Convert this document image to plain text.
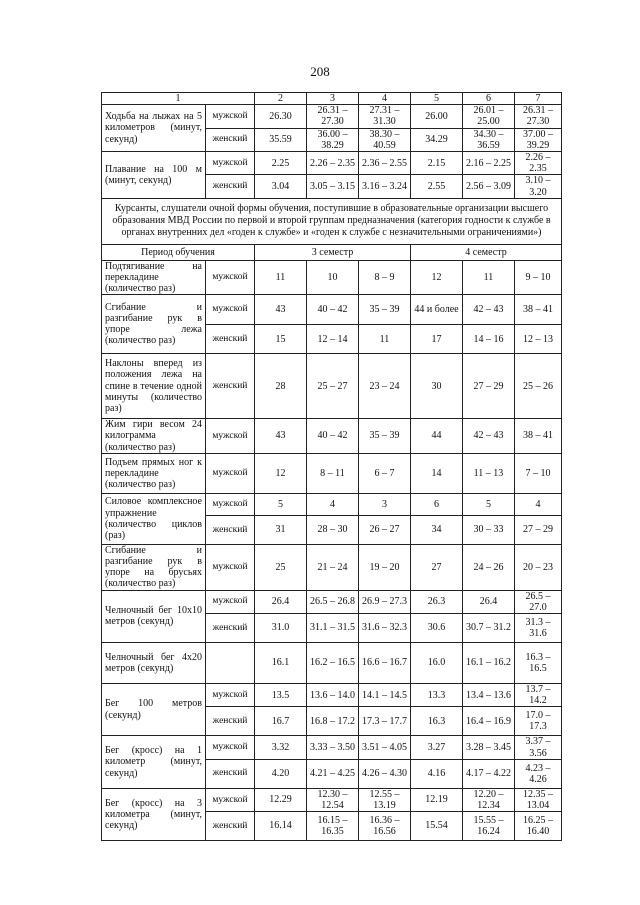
208
1		2	3	4	5	6	7
Ходьба на лыжах на 5 километров (минут, секунд)	мужской	26.30	26.31 – 27.30	27.31 – 31.30	26.00	26.01 – 25.00	26.31 – 27.30
	женский	35.59	36.00 – 38.29	38.30 – 40.59	34.29	34.30 – 36.59	37.00 – 39.29
Плавание на 100 м (минут, секунд)	мужской	2.25	2.26 – 2.35	2.36 – 2.55	2.15	2.16 – 2.25	2.26 – 2.35
	женский	3.04	3.05 – 3.15	3.16 – 3.24	2.55	2.56 – 3.09	3.10 – 3.20
Курсанты, слушатели очной формы обучения, поступившие в образовательные организации высшего образования МВД России по первой и второй группам предназначения (категория годности к службе в органах внутренних дел «годен к службе» и «годен к службе с незначительными ограничениями»)							
Период обучения		3 семестр			4 семестр		
Подтягивание на перекладине (количество раз)	мужской	11	10	8 – 9	12	11	9 – 10
Сгибание и разгибание рук в упоре лежа (количество раз)	мужской	43	40 – 42	35 – 39	44 и более	42 – 43	38 – 41
	женский	15	12 – 14	11	17	14 – 16	12 – 13
Наклоны вперед из положения лежа на спине в течение одной минуты (количество раз)	женский	28	25 – 27	23 – 24	30	27 – 29	25 – 26
Жим гири весом 24 килограмма (количество раз)	мужской	43	40 – 42	35 – 39	44	42 – 43	38 – 41
Подъем прямых ног к перекладине (количество раз)	мужской	12	8 – 11	6 – 7	14	11 – 13	7 – 10
Силовое комплексное упражнение (количество циклов (раз)	мужской	5	4	3	6	5	4
	женский	31	28 – 30	26 – 27	34	30 – 33	27 – 29
Сгибание и разгибание рук в упоре на брусьях (количество раз)	мужской	25	21 – 24	19 – 20	27	24 – 26	20 – 23
Челночный бег 10х10 метров (секунд)	мужской	26.4	26.5 – 26.8	26.9 – 27.3	26.3	26.4	26.5 – 27.0
	женский	31.0	31.1 – 31.5	31.6 – 32.3	30.6	30.7 – 31.2	31.3 – 31.6
Челночный бег 4х20 метров (секунд)		16.1	16.2 – 16.5	16.6 – 16.7	16.0	16.1 – 16.2	16.3 – 16.5
Бег 100 метров (секунд)	мужской	13.5	13.6 – 14.0	14.1 – 14.5	13.3	13.4 – 13.6	13.7 – 14.2
	женский	16.7	16.8 – 17.2	17.3 – 17.7	16.3	16.4 – 16.9	17.0 – 17.3
Бег (кросс) на 1 километр (минут, секунд)	мужской	3.32	3.33 – 3.50	3.51 – 4.05	3.27	3.28 – 3.45	3.37 – 3.56
	женский	4.20	4.21 – 4.25	4.26 – 4.30	4.16	4.17 – 4.22	4.23 – 4.26
Бег (кросс) на 3 километра (минут, секунд)	мужской	12.29	12.30 – 12.54	12.55 – 13.19	12.19	12.20 – 12.34	12.35 – 13.04
	женский	16.14	16.15 – 16.35	16.36 – 16.56	15.54	15.55 – 16.24	16.25 – 16.40
